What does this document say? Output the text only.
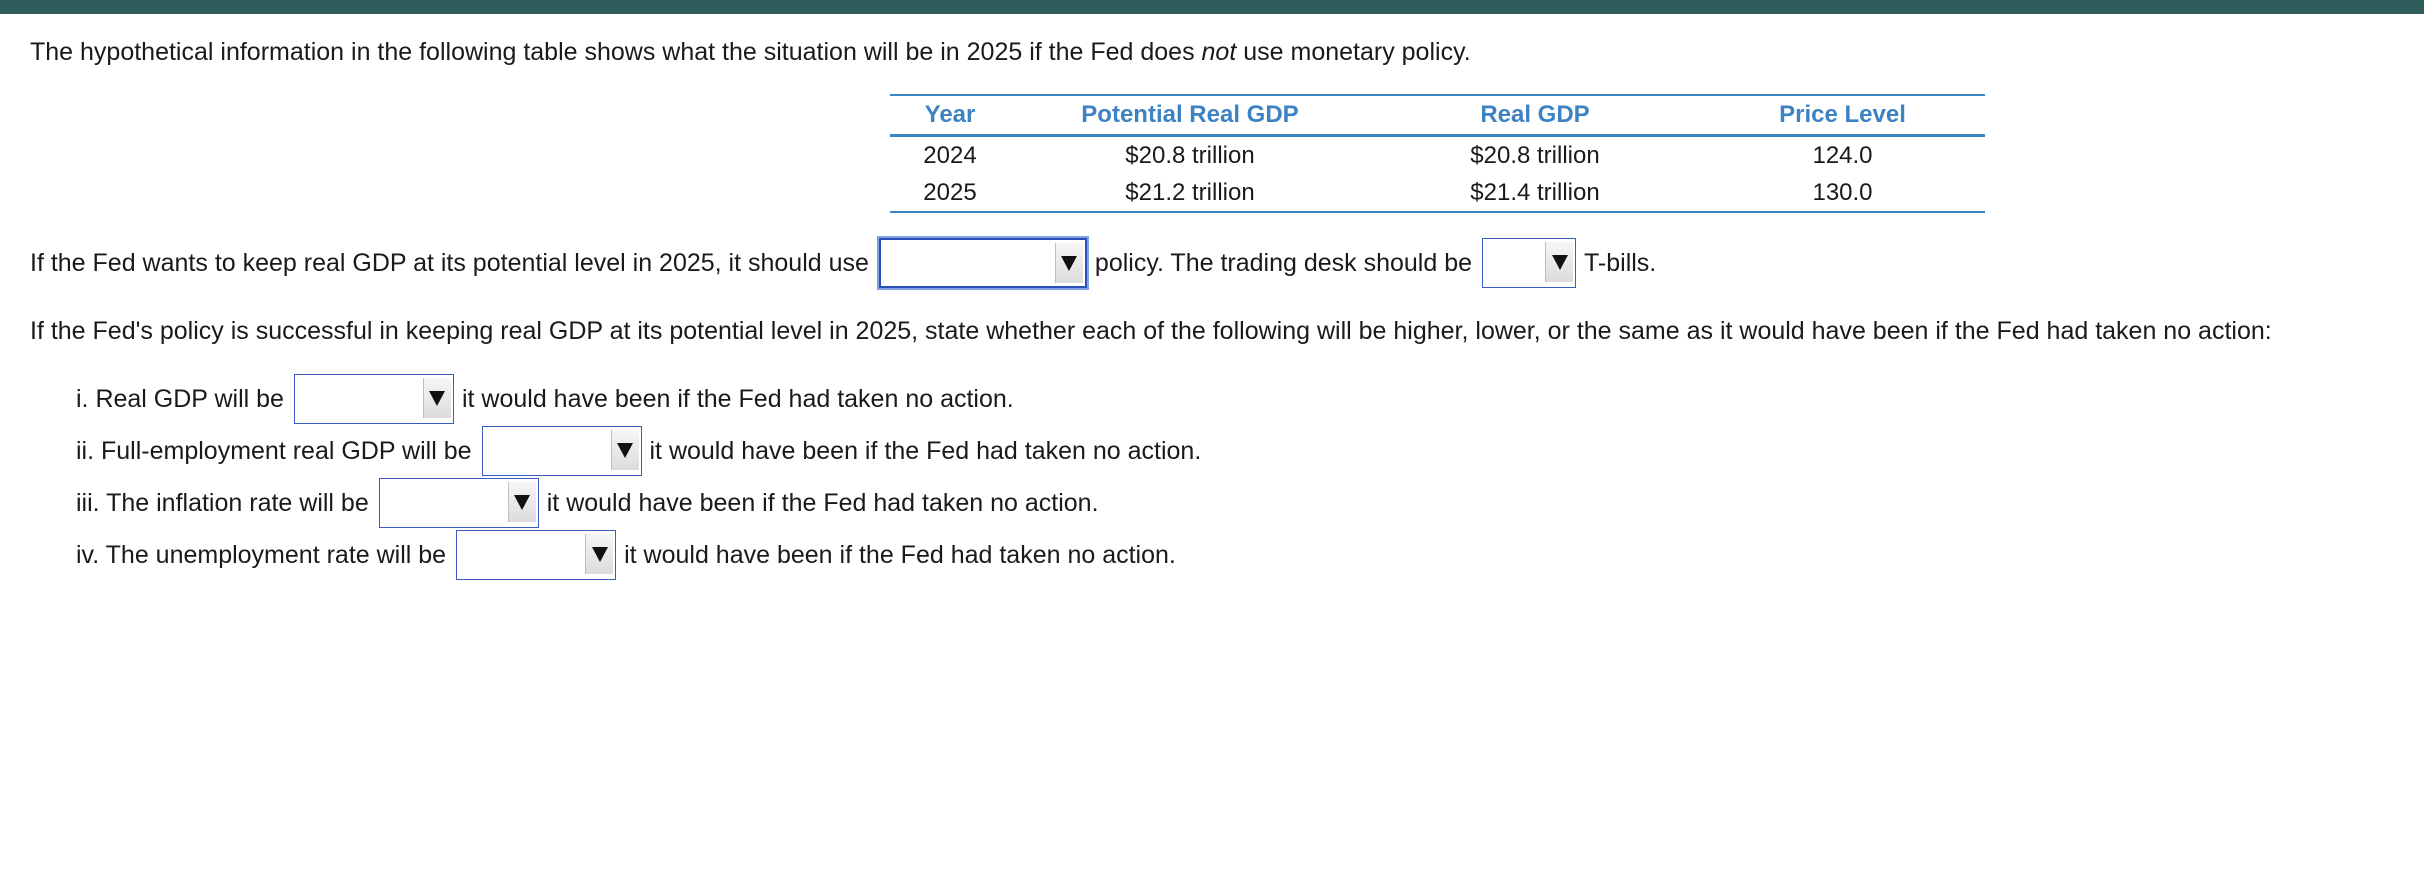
The hypothetical information in the following table shows what the situation will be in 2025 if the Fed does not use monetary policy.
Year	Potential Real GDP	Real GDP	Price Level
2024	$20.8 trillion	$20.8 trillion	124.0
2025	$21.2 trillion	$21.4 trillion	130.0
If the Fed wants to keep real GDP at its potential level in 2025, it should use	policy. The trading desk should be	T-bills.
If the Fed's policy is successful in keeping real GDP at its potential level in 2025, state whether each of the following will be higher, lower, or the same as it would have been if the Fed had taken no action:
i. Real GDP will be	it would have been if the Fed had taken no action.
ii. Full-employment real GDP will be	it would have been if the Fed had taken no action.
iii. The inflation rate will be	it would have been if the Fed had taken no action.
iv. The unemployment rate will be	it would have been if the Fed had taken no action.
